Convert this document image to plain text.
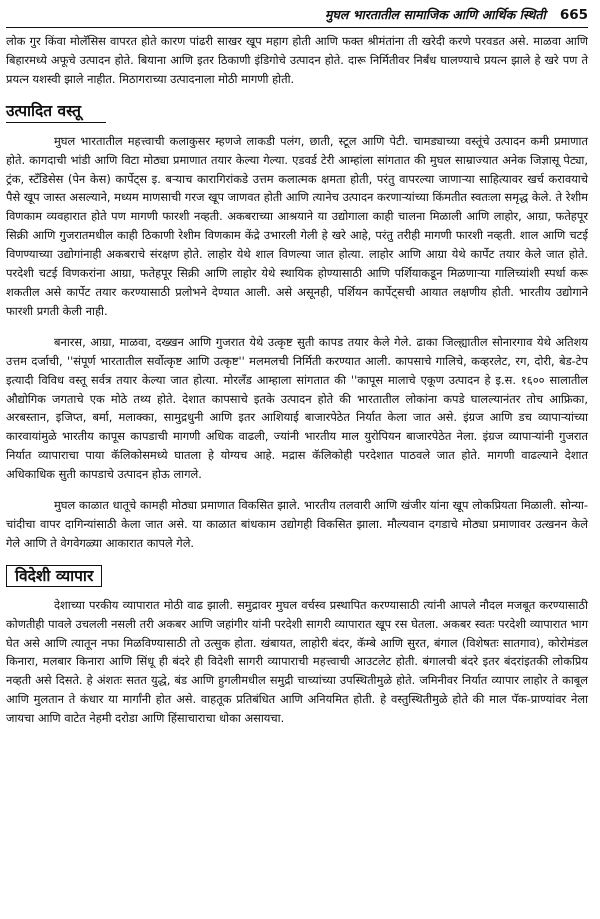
मुघल भारतातील सामाजिक आणि आर्थिक स्थिती 665

लोक गुर किंवा मोलॅसिस वापरत होते कारण पांढरी साखर खूप महाग होती आणि फक्त श्रीमंतांना ती खरेदी करणे परवडत असे. माळवा आणि बिहारमध्ये अफूचे उत्पादन होते. बियाना आणि इतर ठिकाणी इंडिगोचे उत्पादन होते. दारू निर्मितीवर निर्बंध घालण्याचे प्रयत्न झाले हे खरे पण ते प्रयत्न यशस्वी झाले नाहीत. मिठागराच्या उत्पादनाला मोठी मागणी होती.

उत्पादित वस्तू

मुघल भारतातील महत्त्वाची कलाकुसर म्हणजे लाकडी पलंग, छाती, स्टूल आणि पेटी. चामड्याच्या वस्तूंचे उत्पादन कमी प्रमाणात होते. कागदाची भांडी आणि विटा मोठ्या प्रमाणात तयार केल्या गेल्या. एडवर्ड टेरी आम्हांला सांगतात की मुघल साम्राज्यात अनेक जिज्ञासू पेट्या, ट्रंक, स्टँडिसेस (पेन केस) कार्पेट्स इ. बऱ्याच कारागिरांकडे उत्तम कलात्मक क्षमता होती, परंतु वापरल्या जाणाऱ्या साहित्यावर खर्च करावयाचे पैसे खूप जास्त असल्याने, मध्यम माणसाची गरज खूप जाणवत होती आणि त्यानेच उत्पादन करणाऱ्यांच्या किंमतीत स्वतःला समृद्ध केले. ते रेशीम विणकाम व्यवहारात होते पण मागणी फारशी नव्हती. अकबराच्या आश्रयाने या उद्योगाला काही चालना मिळाली आणि लाहोर, आग्रा, फतेहपूर सिक्री आणि गुजरातमधील काही ठिकाणी रेशीम विणकाम केंद्रे उभारली गेली हे खरे आहे, परंतु तरीही मागणी फारशी नव्हती. शाल आणि चटई विणण्याच्या उद्योगांनाही अकबराचे संरक्षण होते. लाहोर येथे शाल विणल्या जात होत्या. लाहोर आणि आग्रा येथे कार्पेट तयार केले जात होते. परदेशी चटई विणकरांना आग्रा, फतेहपूर सिक्री आणि लाहोर येथे स्थायिक होण्यासाठी आणि पर्शियाकडून मिळणाऱ्या गालिच्यांशी स्पर्धा करू शकतील असे कार्पेट तयार करण्यासाठी प्रलोभने देण्यात आली. असे असूनही, पर्शियन कार्पेट्सची आयात लक्षणीय होती. भारतीय उद्योगाने फारशी प्रगती केली नाही.

बनारस, आग्रा, माळवा, दख्खन आणि गुजरात येथे उत्कृष्ट सुती कापड तयार केले गेले. ढाका जिल्ह्यातील सोनारगाव येथे अतिशय उत्तम दर्जाची, ''संपूर्ण भारतातील सर्वोत्कृष्ट आणि उत्कृष्ट'' मलमलची निर्मिती करण्यात आली. कापसाचे गालिचे, कव्हरलेट, रग, दोरी, बेड-टेप इत्यादी विविध वस्तू सर्वत्र तयार केल्या जात होत्या. मोरलँड आम्हाला सांगतात की ''कापूस मालाचे एकूण उत्पादन हे इ.स. १६०० सालातील औद्योगिक जगताचे एक मोठे तथ्य होते. देशात कापसाचे इतके उत्पादन होते की भारतातील लोकांना कपडे घालल्यानंतर तोच आफ्रिका, अरबस्तान, इजिप्त, बर्मा, मलाक्का, सामुद्रधुनी आणि इतर आशियाई बाजारपेठेत निर्यात केला जात असे. इंग्रज आणि डच व्यापाऱ्यांच्या कारवायांमुळे भारतीय कापूस कापडाची मागणी अधिक वाढली, ज्यांनी भारतीय माल युरोपियन बाजारपेठेत नेला. इंग्रज व्यापाऱ्यांनी गुजरात निर्यात व्यापाराचा पाया कॅलिकोसमध्ये घातला हे योग्यच आहे. मद्रास कॅलिकोही परदेशात पाठवले जात होते. मागणी वाढल्याने देशात अधिकाधिक सुती कापडाचे उत्पादन होऊ लागले.

मुघल काळात धातूचे कामही मोठ्या प्रमाणात विकसित झाले. भारतीय तलवारी आणि खंजीर यांना खूप लोकप्रियता मिळाली. सोन्या-चांदीचा वापर दागिन्यांसाठी केला जात असे. या काळात बांधकाम उद्योगही विकसित झाला. मौल्यवान दगडाचे मोठ्या प्रमाणावर उत्खनन केले गेले आणि ते वेगवेगळ्या आकारात कापले गेले.

विदेशी व्यापार

देशाच्या परकीय व्यापारात मोठी वाढ झाली. समुद्रावर मुघल वर्चस्व प्रस्थापित करण्यासाठी त्यांनी आपले नौदल मजबूत करण्यासाठी कोणतीही पावले उचलली नसली तरी अकबर आणि जहांगीर यांनी परदेशी सागरी व्यापारात खूप रस घेतला. अकबर स्वतः परदेशी व्यापारात भाग घेत असे आणि त्यातून नफा मिळविण्यासाठी तो उत्सुक होता. खंबायत, लाहोरी बंदर, कॅम्बे आणि सुरत, बंगाल (विशेषतः सातगाव), कोरोमंडल किनारा, मलबार किनारा आणि सिंधू ही बंदरे ही विदेशी सागरी व्यापाराची महत्त्वाची आउटलेट होती. बंगालची बंदरे इतर बंदरांइतकी लोकप्रिय नव्हती असे दिसते. हे अंशतः सतत युद्धे, बंड आणि हुगलीमधील समुद्री चाच्यांच्या उपस्थितीमुळे होते. जमिनीवर निर्यात व्यापार लाहोर ते काबूल आणि मुलतान ते कंधार या मार्गांनी होत असे. वाहतूक प्रतिबंधित आणि अनियमित होती. हे वस्तुस्थितीमुळे होते की माल पॅक-प्राण्यांवर नेला जायचा आणि वाटेत नेहमी दरोडा आणि हिंसाचाराचा धोका असायचा.
